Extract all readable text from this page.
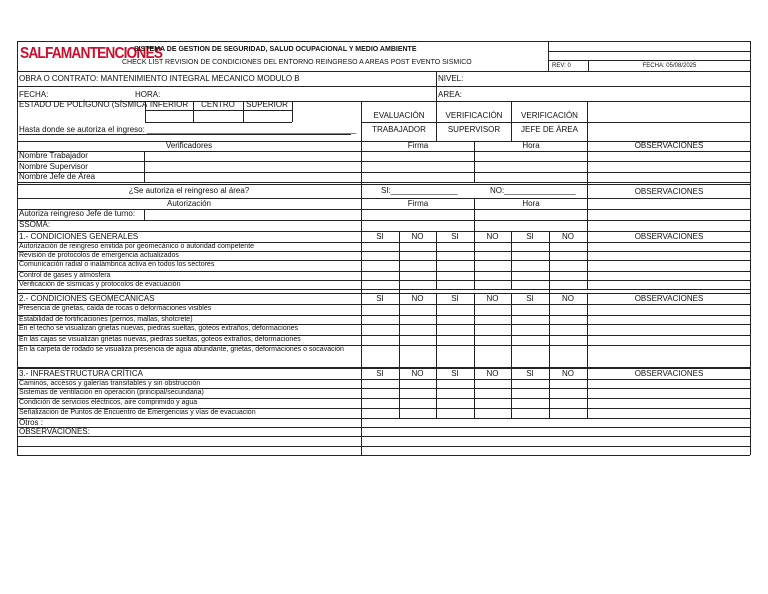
SALFAMANTENCIONES
SISTEMA DE GESTION DE SEGURIDAD, SALUD OCUPACIONAL Y MEDIO AMBIENTE
CHECK LIST REVISION DE CONDICIONES DEL ENTORNO REINGRESO A AREAS POST EVENTO SISMICO	REV: 0	FECHA: 05/08/2025
OBRA O CONTRATO: MANTENIMIENTO INTEGRAL MECANICO MODULO B	NIVEL:
FECHA:	HORA:	AREA:
ESTADO DE POLÍGONO (SÍSMICA INFERIOR	CENTRO	SUPERIOR
Hasta donde se autoriza el ingreso: _______________________________________________
EVALUACIÓN
TRABAJADOR
VERIFICACIÓN
SUPERVISOR
VERIFICACIÓN
JEFE DE ÁREA
Verificadores	Firma	Hora	OBSERVACIONES
Nombre Trabajador
Nombre Supervisor
Nombre Jefe de Área
¿Se autoriza el reingreso al área?	SI:_______________	NO:________________	OBSERVACIONES
Autorización	Firma	Hora
Autoriza reingreso Jefe de turno:
SSOMA:
1.- CONDICIONES GENERALES	SI	NO	SI	NO	SI	NO	OBSERVACIONES
Autorización de reingreso emitida por geomecánico o autoridad competente
Revisión de protocolos de emergencia actualizados
Comunicación radial o inalámbrica activa en todos los sectores
Control de gases y atmósfera
Verificación de sísmicas y protocolos de evacuación
2.- CONDICIONES GEOMECÁNICAS	SI	NO	SI	NO	SI	NO	OBSERVACIONES
Presencia de grietas, caída de rocas o deformaciones visibles
Estabilidad de fortificaciones (pernos, mallas, shotcrete)
En el techo se visualizan grietas nuevas, piedras sueltas, goteos extraños, deformaciones
En las cajas se visualizan grietas nuevas, piedras sueltas, goteos extraños, deformaciones
En la carpeta de rodado se visualiza presencia de agua abundante, grietas, deformaciones o socavación
3.- INFRAESTRUCTURA CRÍTICA	SI	NO	SI	NO	SI	NO	OBSERVACIONES
Caminos, accesos y galerías transitables y sin obstrucción
Sistemas de ventilación en operación (principal/secundaria)
Condición de servicios eléctricos, aire comprimido y agua
Señalización de Puntos de Encuentro de Emergencias y vías de evacuación
Otros :
OBSERVACIONES:
